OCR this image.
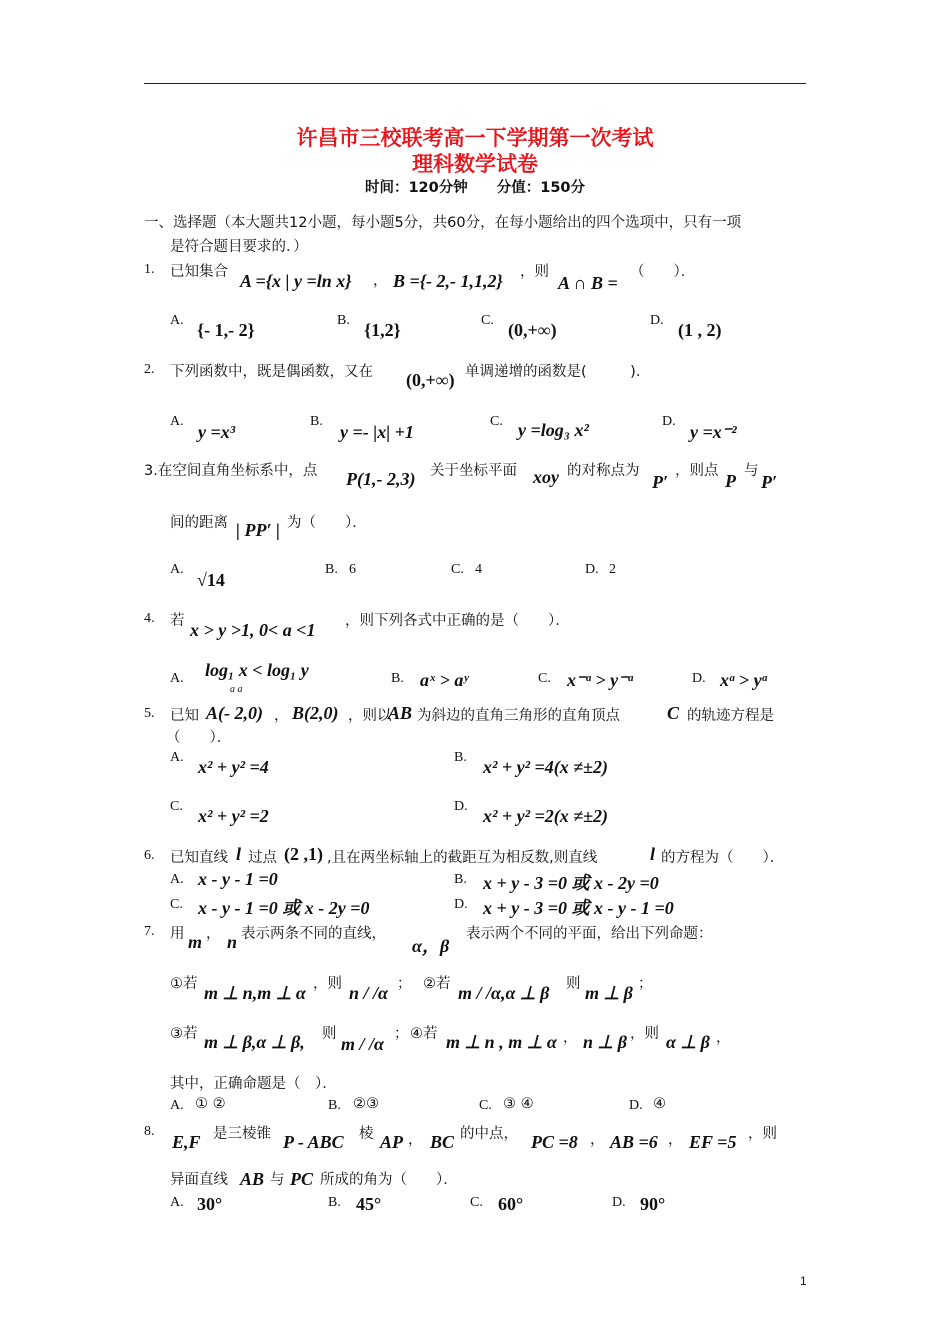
许昌市三校联考高一下学期第一次考试
理科数学试卷
时间：120分钟　　分值：150分
一、选择题（本大题共12小题，每小题5分，共60分，在每小题给出的四个选项中，只有一项
是符合题目要求的．）
1. 已知集合 A ={x | y =ln x} ， B ={- 2,- 1,1,2} ，则
A ∩ B =
（　　）．
A. {- 1,- 2}	B. {1,2}	C. (0,+∞)	D. (1 , 2)
2. 下列函数中，既是偶函数，又在 (0,+∞) 单调递增的函数是(　　　)．
A.
y =x³
B.
y =- |x| +1
C. y =log₃ x²	D.
y =x⁻²
3.在空间直角坐标系中，点 P(1,- 2,3) 关于坐标平面 xoy 的对称点为
P′
，则点 P 与
P′
间的距离 | PP′ | 为（　　）．
A.
√14
B. 6	C. 4	D. 2
4. 若 x > y >1, 0< a <1 ，则下列各式中正确的是（　　）．
A. log₁ x < log₁ y
a a
B. aˣ > aʸ	C. x⁻ᵃ > y⁻ᵃ	D. xᵃ > yᵃ
5. 已知 A(- 2,0) ， B(2,0) ，则以
AB 为斜边的直角三角形的直角顶点	C 的轨迹方程是
（　　）．
A. x² + y² =4	B. x² + y² =4(x ≠±2)
C. x² + y² =2	D. x² + y² =2(x ≠±2)
6. 已知直线 l 过点 (2 ,1) ,且在两坐标轴上的截距互为相反数,则直线	l 的方程为（　　）．
A. x - y - 1 =0	B. x + y - 3 =0 或 x - 2y =0
C. x - y - 1 =0 或 x - 2y =0	D. x + y - 3 =0 或 x - y - 1 =0
7. 用 m ， n 表示两条不同的直线，
α，β
表示两个不同的平面，给出下列命题：
①若 m ⊥ n,m ⊥ α ，则 n / /α ； ②若 m / /α,α ⊥ β 则 m ⊥ β ；
③若 m ⊥ β,α ⊥ β, 则 m / /α ； ④若 m ⊥ n , m ⊥ α ， n ⊥ β ，则 α ⊥ β ，
其中，正确命题是（　）．
A. ① ②	B. ②③	C. ③ ④	D. ④
8.
E,F 是三棱锥 P - ABC 棱 AP ， BC 的中点， PC =8 ， AB =6 ， EF =5 ，则
异面直线 AB 与 PC 所成的角为（　　）．
A. 30°	B. 45°	C. 60°	D. 90°
1
